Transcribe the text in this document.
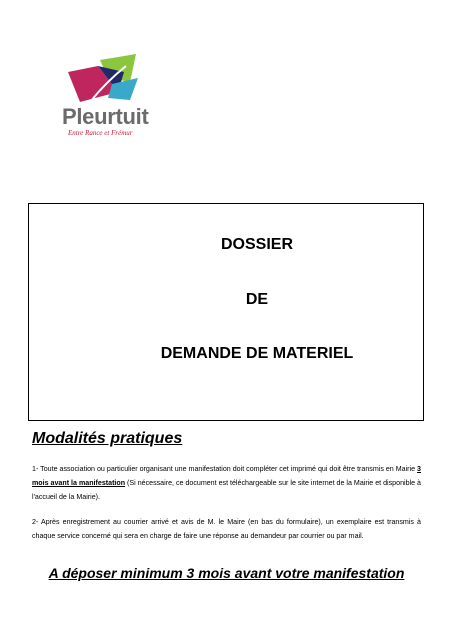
Pleurtuit
Entre Rance et Frémur
DOSSIER
DE
DEMANDE DE MATERIEL
Modalités pratiques

1- Toute association ou particulier organisant une manifestation doit compléter cet imprimé qui doit être transmis en Mairie 3 mois avant la manifestation (Si nécessaire, ce document est téléchargeable sur le site internet de la Mairie et disponible à l'accueil de la Mairie).

2- Après enregistrement au courrier arrivé et avis de M. le Maire (en bas du formulaire), un exemplaire est transmis à chaque service concerné qui sera en charge de faire une réponse au demandeur par courrier ou par mail.

A déposer minimum 3 mois avant votre manifestation
